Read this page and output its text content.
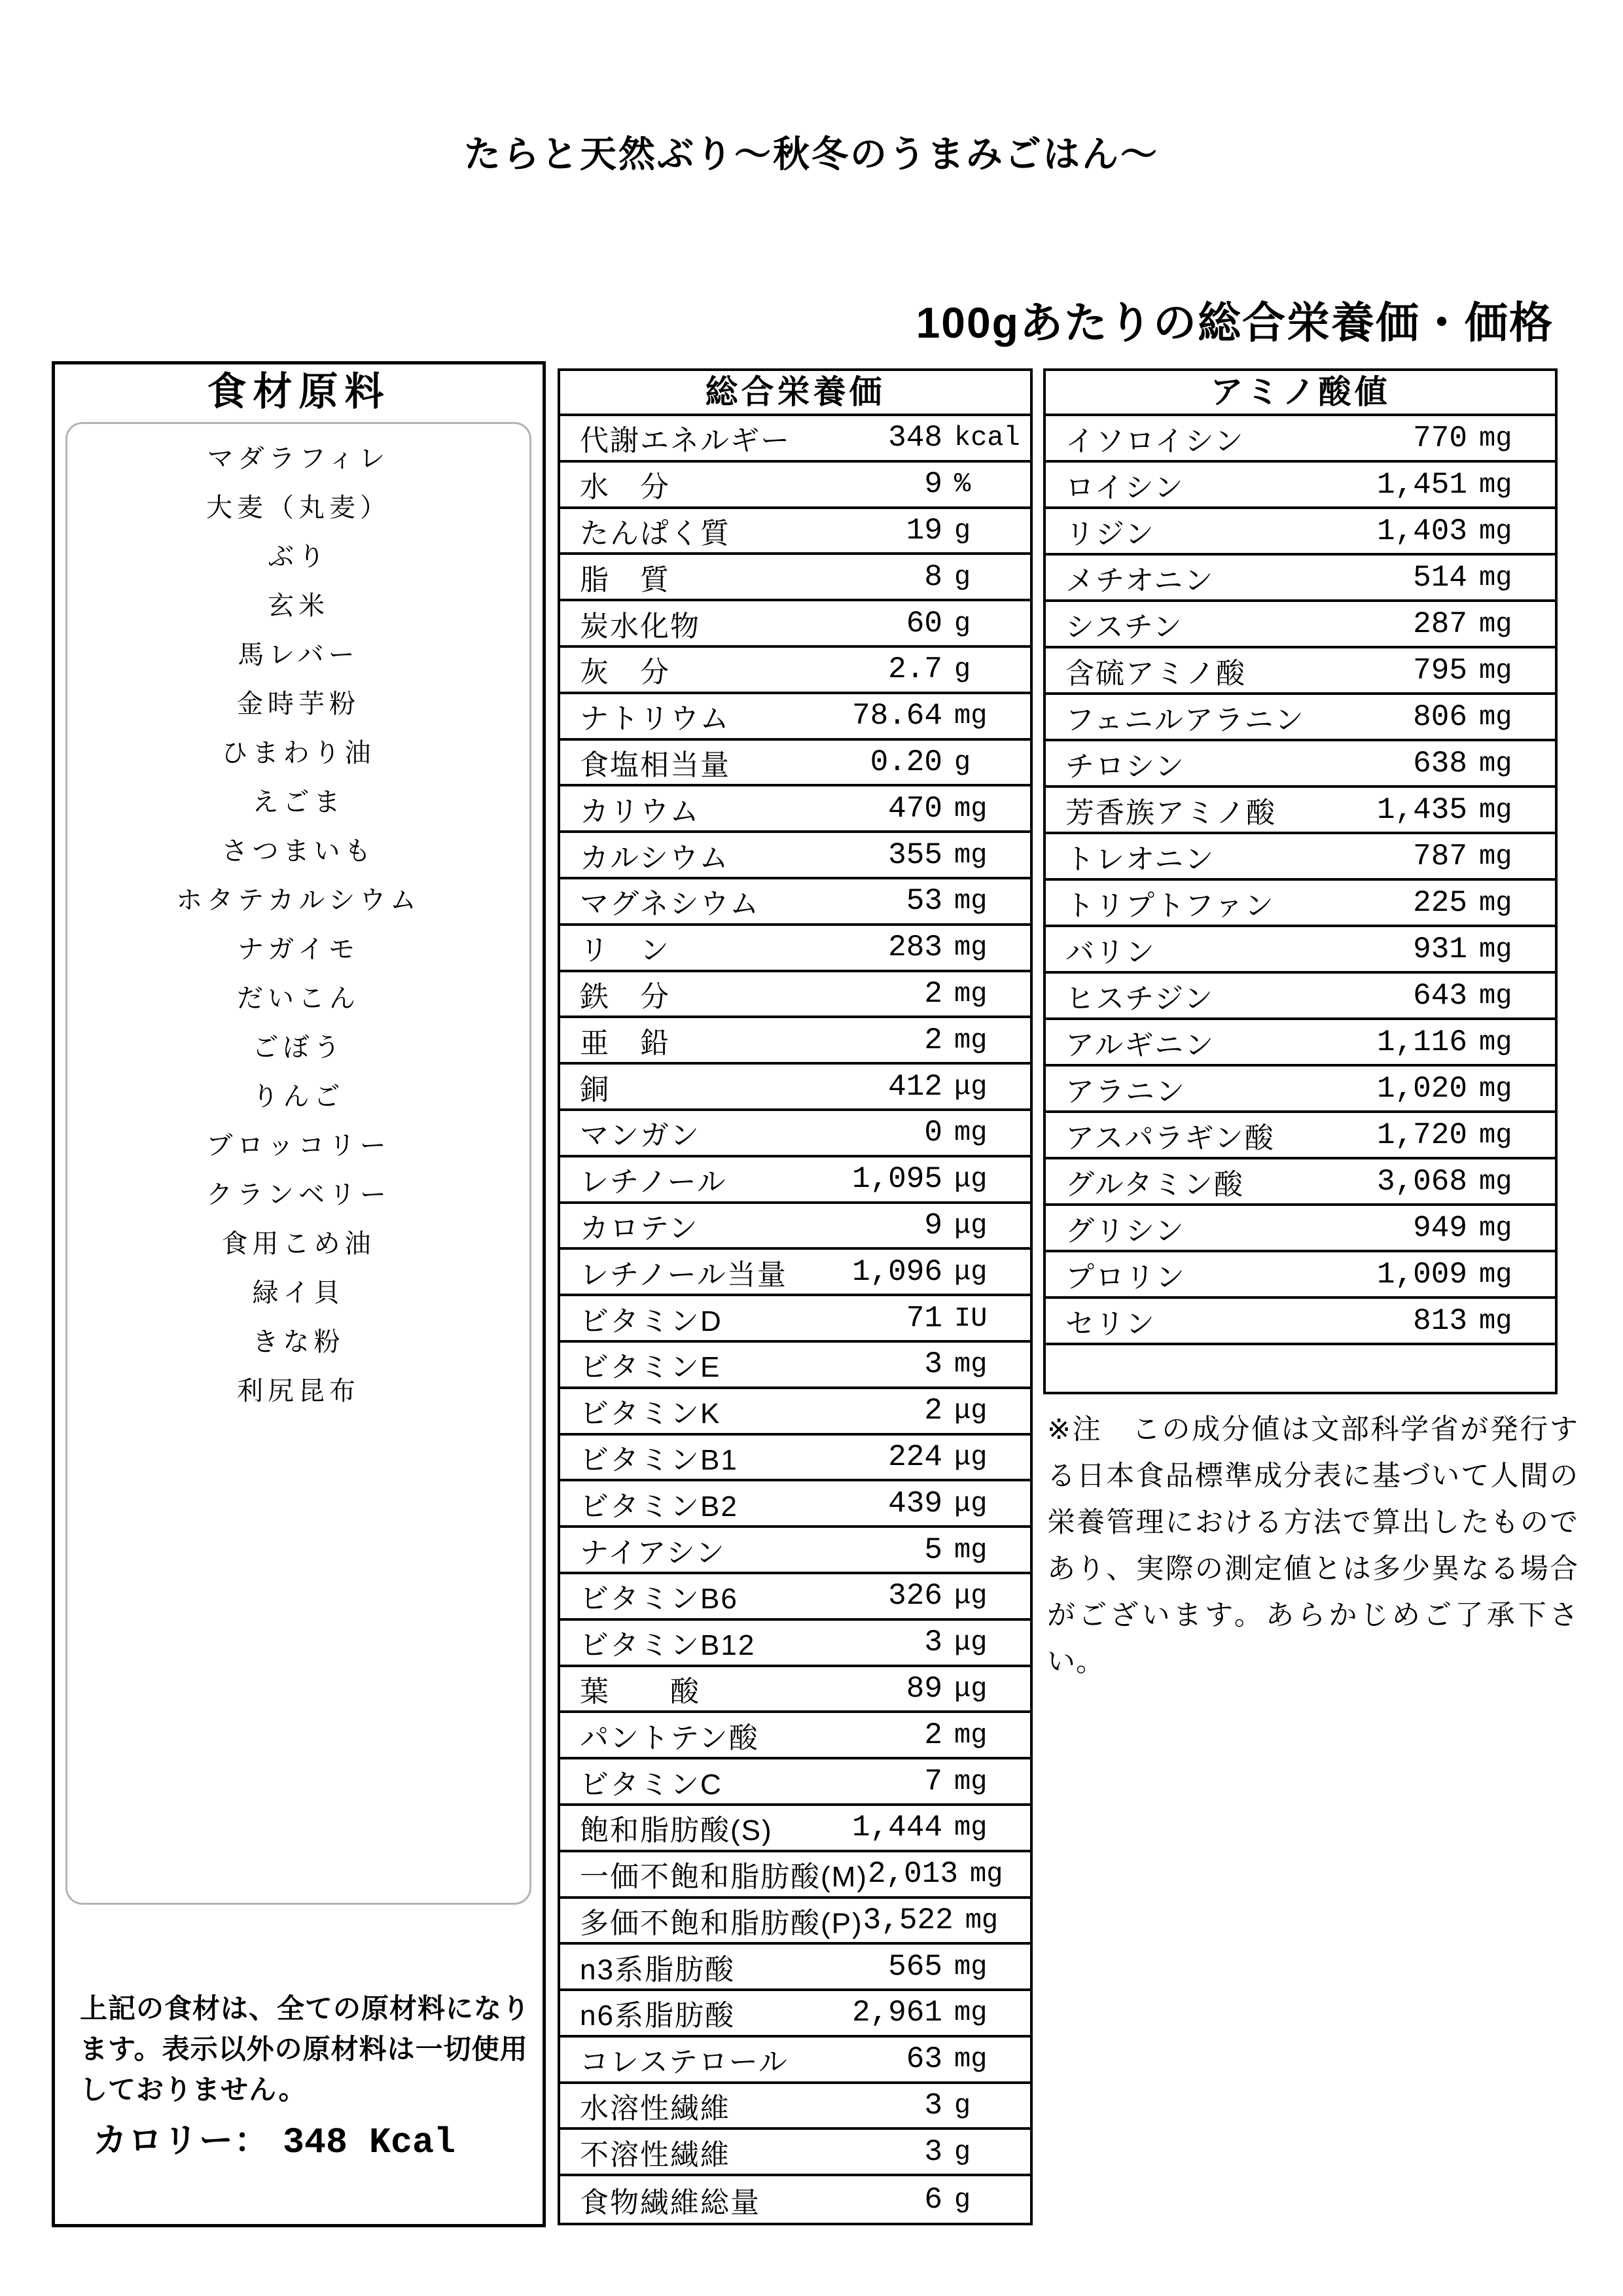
たらと天然ぶり～秋冬のうまみごはん～
100gあたりの総合栄養価・価格
食材原料
マダラフィレ
大麦（丸麦）
ぶり
玄米
馬レバー
金時芋粉
ひまわり油
えごま
さつまいも
ホタテカルシウム
ナガイモ
だいこん
ごぼう
りんご
ブロッコリー
クランベリー
食用こめ油
緑イ貝
きな粉
利尻昆布
上記の食材は、全ての原材料になります。表示以外の原材料は一切使用しておりません。
カロリー： 348 Kcal
総合栄養価
代謝エネルギー	348 kcal
水　分	9 %
たんぱく質	19 g
脂　質	8 g
炭水化物	60 g
灰　分	2.7 g
ナトリウム	78.64 mg
食塩相当量	0.20 g
カリウム	470 mg
カルシウム	355 mg
マグネシウム	53 mg
リ　ン	283 mg
鉄　分	2 mg
亜　鉛	2 mg
銅	412 μg
マンガン	0 mg
レチノール	1,095 μg
カロテン	9 μg
レチノール当量	1,096 μg
ビタミンD	71 IU
ビタミンE	3 mg
ビタミンK	2 μg
ビタミンB1	224 μg
ビタミンB2	439 μg
ナイアシン	5 mg
ビタミンB6	326 μg
ビタミンB12	3 μg
葉　　酸	89 μg
パントテン酸	2 mg
ビタミンC	7 mg
飽和脂肪酸(S)	1,444 mg
一価不飽和脂肪酸(M) 2,013 mg
多価不飽和脂肪酸(P) 3,522 mg
n3系脂肪酸	565 mg
n6系脂肪酸	2,961 mg
コレステロール	63 mg
水溶性繊維	3 g
不溶性繊維	3 g
食物繊維総量	6 g
アミノ酸値
イソロイシン	770 mg
ロイシン	1,451 mg
リジン	1,403 mg
メチオニン	514 mg
シスチン	287 mg
含硫アミノ酸	795 mg
フェニルアラニン	806 mg
チロシン	638 mg
芳香族アミノ酸	1,435 mg
トレオニン	787 mg
トリプトファン	225 mg
バリン	931 mg
ヒスチジン	643 mg
アルギニン	1,116 mg
アラニン	1,020 mg
アスパラギン酸	1,720 mg
グルタミン酸	3,068 mg
グリシン	949 mg
プロリン	1,009 mg
セリン	813 mg
※注　この成分値は文部科学省が発行する日本食品標準成分表に基づいて人間の栄養管理における方法で算出したものであり、実際の測定値とは多少異なる場合がございます。あらかじめご了承下さい。
